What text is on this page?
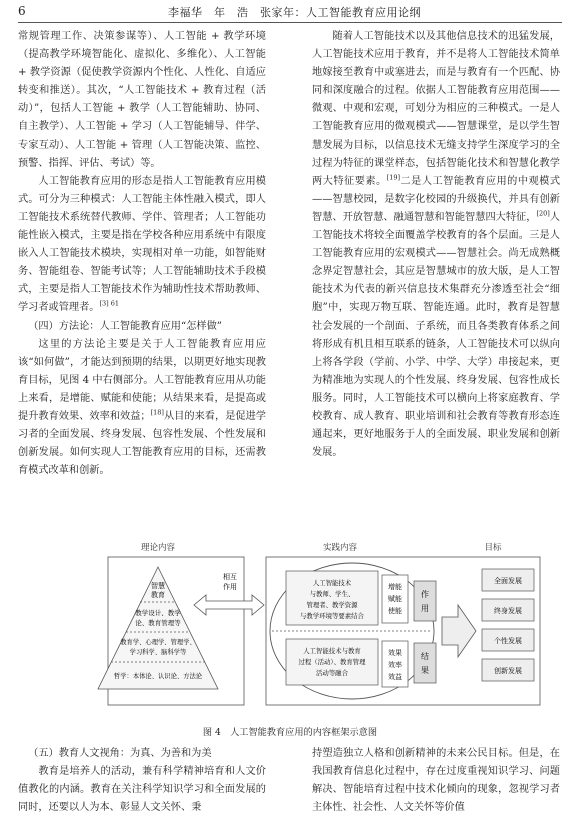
6	李福华　年　浩　张家年：人工智能教育应用论纲

常规管理工作、决策参谋等）、人工智能 + 教学环境（提高教学环境智能化、虚拟化、多维化）、人工智能 + 教学资源（促使教学资源内个性化、人性化、自适应转变和推送）。其次，“人工智能技术 + 教育过程（活动）”，包括人工智能 + 教学（人工智能辅助、协同、自主教学）、人工智能 + 学习（人工智能辅导、伴学、专家互动）、人工智能 + 管理（人工智能决策、监控、预警、指挥、评估、考试）等。

人工智能教育应用的形态是指人工智能教育应用模式。可分为三种模式：人工智能主体性融入模式，即人工智能技术系统替代教师、学伴、管理者；人工智能功能性嵌入模式，主要是指在学校各种应用系统中有限度嵌入人工智能技术模块，实现相对单一功能，如智能财务、智能组卷、智能考试等；人工智能辅助技术手段模式，主要是指人工智能技术作为辅助性技术帮助教师、学习者或管理者。$^{[3] 61}$

（四）方法论：人工智能教育应用“怎样做”

这里的方法论主要是关于人工智能教育应用应该“如何做”，才能达到预期的结果，以期更好地实现教育目标，见图 4 中右侧部分。人工智能教育应用从功能上来看，是增能、赋能和使能；从结果来看，是提高或提升教育效果、效率和效益；[18]从目的来看，是促进学习者的全面发展、终身发展、包容性发展、个性发展和创新发展。如何实现人工智能教育应用的目标，还需教育模式改革和创新。

随着人工智能技术以及其他信息技术的迅猛发展，人工智能技术应用于教育，并不是将人工智能技术简单地嫁接至教育中或塞进去，而是与教育有一个匹配、协同和深度融合的过程。依据人工智能教育应用范围——微观、中观和宏观，可划分为相应的三种模式。一是人工智能教育应用的微观模式——智慧课堂，是以学生智慧发展为目标，以信息技术无缝支持学生深度学习的全过程为特征的课堂样态，包括智能化技术和智慧化教学两大特征要素。[19]二是人工智能教育应用的中观模式——智慧校园，是数字化校园的升级换代，并具有创新智慧、开放智慧、融通智慧和智能智慧四大特征，[20]人工智能技术将较全面覆盖学校教育的各个层面。三是人工智能教育应用的宏观模式——智慧社会。尚无成熟概念界定智慧社会，其应是智慧城市的放大版，是人工智能技术为代表的新兴信息技术集群充分渗透至社会“细胞”中，实现万物互联、智能连通。此时，教育是智慧社会发展的一个剖面、子系统，而且各类教育体系之间将形成有机且相互联系的链条，人工智能技术可以纵向上将各学段（学前、小学、中学、大学）串接起来，更为精准地为实现人的个性发展、终身发展、包容性成长服务。同时，人工智能技术可以横向上将家庭教育、学校教育、成人教育、职业培训和社会教育等教育形态连通起来，更好地服务于人的全面发展、职业发展和创新发展。

理论内容	实践内容	目标
智慧
教育
教学设计、教学
论、教育管理等
教育学、心理学、管理学、
学习科学、脑科学等
哲学：本体论、认识论、方法论
相互
作用	人工智能技术
与教师、学生、
管理者、教学资源
与教学环境等要素结合
人工智能技术与教育
过程（活动）、教育管理
活动等融合
增能
赋能
使能
效果
效率
效益
作
用
结
果
全面发展
终身发展
个性发展
创新发展
图 4　人工智能教育应用的内容框架示意图

（五）教育人文视角：为真、为善和为美

教育是培养人的活动，兼有科学精神培育和人文价值教化的内涵。教育在关注科学知识学习和全面发展的同时，还要以人为本、彰显人文关怀、秉

持塑造独立人格和创新精神的未来公民目标。但是，在我国教育信息化过程中，存在过度重视知识学习、问题解决、智能培育过程中技术化倾向的现象，忽视学习者主体性、社会性、人文关怀等价值
